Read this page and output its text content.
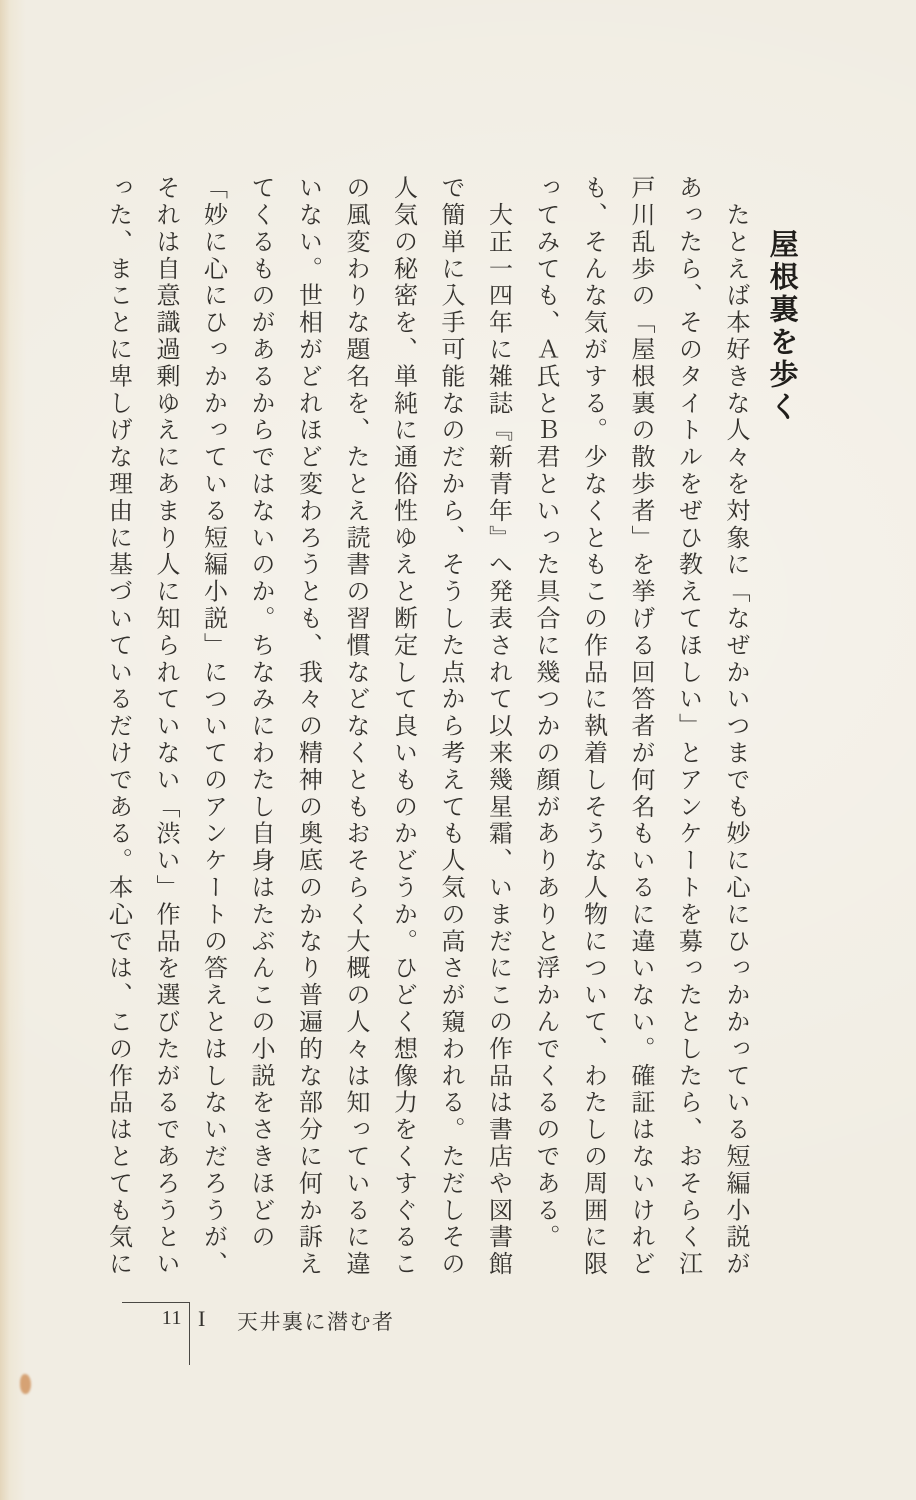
屋根裏を歩く
　たとえば本好きな人々を対象に「なぜかいつまでも妙に心にひっかかっている短編小説が
あったら、そのタイトルをぜひ教えてほしい」とアンケートを募ったとしたら、おそらく江
戸川乱歩の「屋根裏の散歩者」を挙げる回答者が何名もいるに違いない。確証はないけれど
も、そんな気がする。少なくともこの作品に執着しそうな人物について、わたしの周囲に限
ってみても、Ａ氏とＢ君といった具合に幾つかの顔がありありと浮かんでくるのである。
　大正一四年に雑誌『新青年』へ発表されて以来幾星霜、いまだにこの作品は書店や図書館
で簡単に入手可能なのだから、そうした点から考えても人気の高さが窺われる。ただしその
人気の秘密を、単純に通俗性ゆえと断定して良いものかどうか。ひどく想像力をくすぐるこ
の風変わりな題名を、たとえ読書の習慣などなくともおそらく大概の人々は知っているに違
いない。世相がどれほど変わろうとも、我々の精神の奥底のかなり普遍的な部分に何か訴え
てくるものがあるからではないのか。ちなみにわたし自身はたぶんこの小説をさきほどの
「妙に心にひっかかっている短編小説」についてのアンケートの答えとはしないだろうが、
それは自意識過剰ゆえにあまり人に知られていない「渋い」作品を選びたがるであろうとい
った、まことに卑しげな理由に基づいているだけである。本心では、この作品はとても気に
11 I 天井裏に潜む者
